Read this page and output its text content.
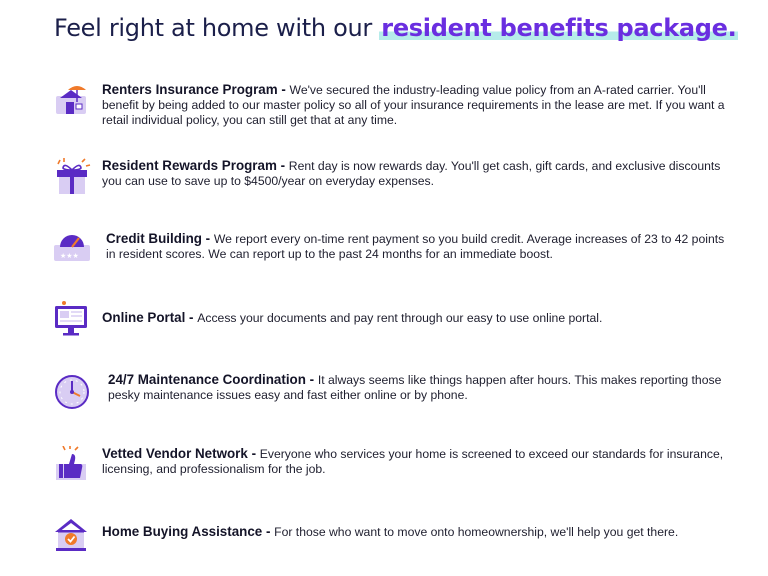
Feel right at home with our resident benefits package.
Renters Insurance Program - We've secured the industry-leading value policy from an A-rated carrier. You'll benefit by being added to our master policy so all of your insurance requirements in the lease are met. If you want a retail individual policy, you can still get that at any time.
Resident Rewards Program - Rent day is now rewards day. You'll get cash, gift cards, and exclusive discounts you can use to save up to $4500/year on everyday expenses.
★★★
Credit Building - We report every on-time rent payment so you build credit. Average increases of 23 to 42 points in resident scores. We can report up to the past 24 months for an immediate boost.
Online Portal - Access your documents and pay rent through our easy to use online portal.
24/7 Maintenance Coordination - It always seems like things happen after hours. This makes reporting those pesky maintenance issues easy and fast either online or by phone.
Vetted Vendor Network - Everyone who services your home is screened to exceed our standards for insurance, licensing, and professionalism for the job.
Home Buying Assistance - For those who want to move onto homeownership, we'll help you get there.
